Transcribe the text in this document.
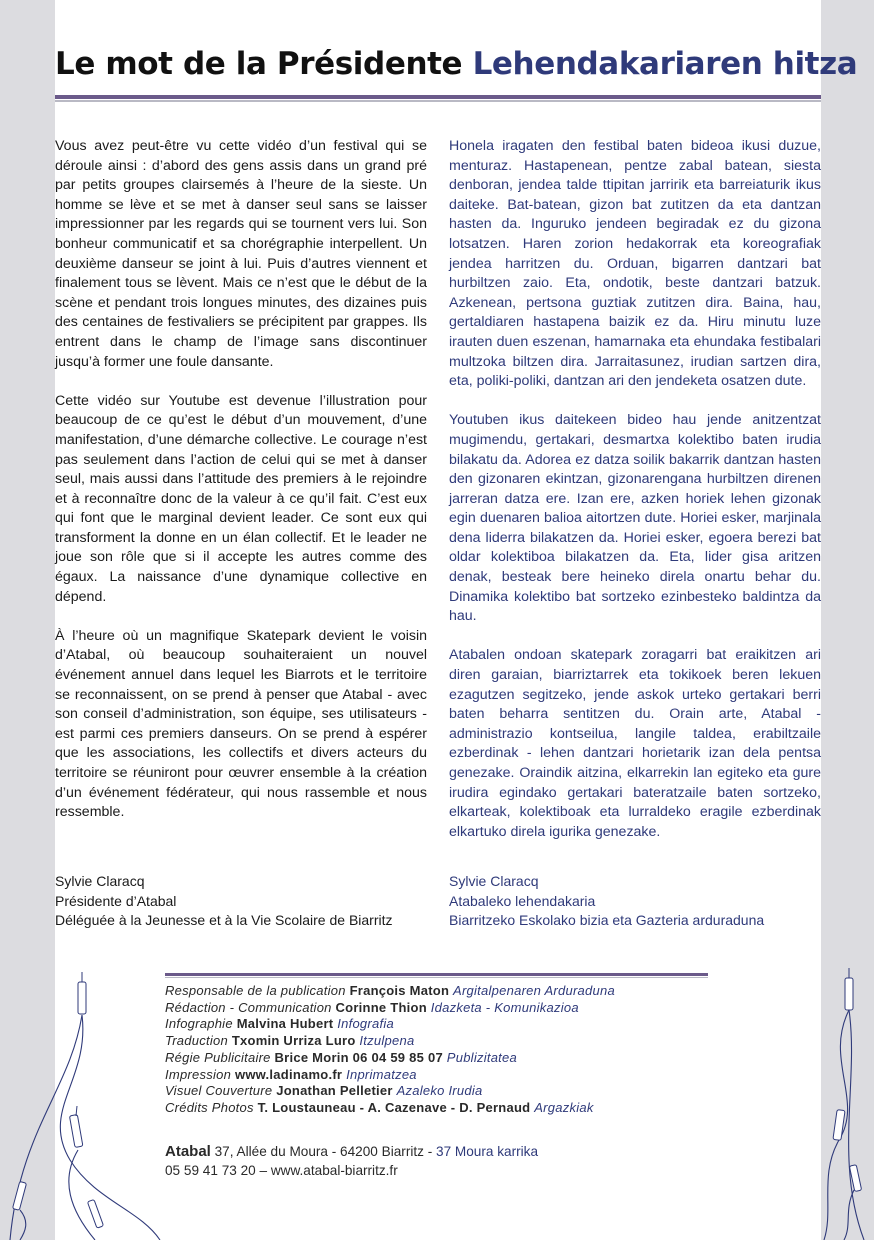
Le mot de la Présidente Lehendakariaren hitza

Vous avez peut-être vu cette vidéo d’un festival qui se déroule ainsi : d’abord des gens assis dans un grand pré par petits groupes clairsemés à l’heure de la sieste. Un homme se lève et se met à danser seul sans se laisser impressionner par les regards qui se tournent vers lui. Son bonheur communicatif et sa chorégraphie interpellent. Un deuxième danseur se joint à lui. Puis d’autres viennent et finalement tous se lèvent. Mais ce n’est que le début de la scène et pendant trois longues minutes, des dizaines puis des centaines de festivaliers se précipitent par grappes. Ils entrent dans le champ de l’image sans discontinuer jusqu’à former une foule dansante.

Cette vidéo sur Youtube est devenue l’illustration pour beaucoup de ce qu’est le début d’un mouvement, d’une manifestation, d’une démarche collective. Le courage n’est pas seulement dans l’action de celui qui se met à danser seul, mais aussi dans l’attitude des premiers à le rejoindre et à reconnaître donc de la valeur à ce qu’il fait. C’est eux qui font que le marginal devient leader. Ce sont eux qui transforment la donne en un élan collectif. Et le leader ne joue son rôle que si il accepte les autres comme des égaux. La naissance d’une dynamique collective en dépend.

À l’heure où un magnifique Skatepark devient le voisin d’Atabal, où beaucoup souhaiteraient un nouvel événement annuel dans lequel les Biarrots et le territoire se reconnaissent, on se prend à penser que Atabal - avec son conseil d’administration, son équipe, ses utilisateurs - est parmi ces premiers danseurs. On se prend à espérer que les associations, les collectifs et divers acteurs du territoire se réuniront pour œuvrer ensemble à la création d’un événement fédérateur, qui nous rassemble et nous ressemble.

Honela iragaten den festibal baten bideoa ikusi duzue, menturaz. Hastapenean, pentze zabal batean, siesta denboran, jendea talde ttipitan jarririk eta barreiaturik ikus daiteke. Bat-batean, gizon bat zutitzen da eta dantzan hasten da. Inguruko jendeen begiradak ez du gizona lotsatzen. Haren zorion hedakorrak eta koreografiak jendea harritzen du. Orduan, bigarren dantzari bat hurbiltzen zaio. Eta, ondotik, beste dantzari batzuk. Azkenean, pertsona guztiak zutitzen dira. Baina, hau, gertaldiaren hastapena baizik ez da. Hiru minutu luze irauten duen eszenan, hamarnaka eta ehundaka festibalari multzoka biltzen dira. Jarraitasunez, irudian sartzen dira, eta, poliki-poliki, dantzan ari den jendeketa osatzen dute.

Youtuben ikus daitekeen bideo hau jende anitzentzat mugimendu, gertakari, desmartxa kolektibo baten irudia bilakatu da. Adorea ez datza soilik bakarrik dantzan hasten den gizonaren ekintzan, gizonarengana hurbiltzen direnen jarreran datza ere. Izan ere, azken horiek lehen gizonak egin duenaren balioa aitortzen dute. Horiei esker, marjinala dena liderra bilakatzen da. Horiei esker, egoera berezi bat oldar kolektiboa bilakatzen da. Eta, lider gisa aritzen denak, besteak bere heineko direla onartu behar du. Dinamika kolektibo bat sortzeko ezinbesteko baldintza da hau.

Atabalen ondoan skatepark zoragarri bat eraikitzen ari diren garaian, biarriztarrek eta tokikoek beren lekuen ezagutzen segitzeko, jende askok urteko gertakari berri baten beharra sentitzen du. Orain arte, Atabal - administrazio kontseilua, langile taldea, erabiltzaile ezberdinak - lehen dantzari horietarik izan dela pentsa genezake. Oraindik aitzina, elkarrekin lan egiteko eta gure irudira egindako gertakari bateratzaile baten sortzeko, elkarteak, kolektiboak eta lurraldeko eragile ezberdinak elkartuko direla igurika genezake.

Sylvie Claracq
Présidente d’Atabal
Déléguée à la Jeunesse et à la Vie Scolaire de Biarritz
Sylvie Claracq
Atabaleko lehendakaria
Biarritzeko Eskolako bizia eta Gazteria arduraduna
Responsable de la publication François Maton Argitalpenaren Arduraduna
Rédaction - Communication Corinne Thion Idazketa - Komunikazioa
Infographie Malvina Hubert Infografia
Traduction Txomin Urriza Luro Itzulpena
Régie Publicitaire Brice Morin 06 04 59 85 07 Publizitatea
Impression www.ladinamo.fr Inprimatzea
Visuel Couverture Jonathan Pelletier Azaleko Irudia
Crédits Photos T. Loustauneau - A. Cazenave - D. Pernaud Argazkiak
Atabal 37, Allée du Moura - 64200 Biarritz - 37 Moura karrika
05 59 41 73 20 – www.atabal-biarritz.fr
